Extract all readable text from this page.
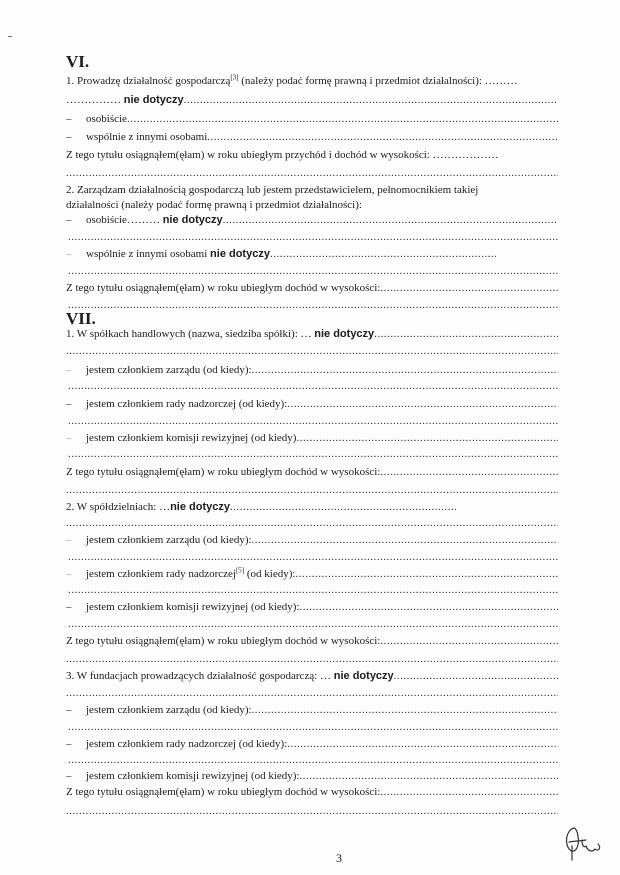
VI.
1. Prowadzę działalność gospodarczą[3] (należy podać formę prawną i przedmiot działalności): ………
…………… nie dotyczy
.....
– osobiście
.....
– wspólnie z innymi osobami
.....
Z tego tytułu osiągnąłem(ęłam) w roku ubiegłym przychód i dochód w wysokości: ………………
.....
2. Zarządzam działalnością gospodarczą lub jestem przedstawicielem, pełnomocnikiem takiej
działalności (należy podać formę prawną i przedmiot działalności):
– osobiście……… nie dotyczy
.....
.....
– wspólnie z innymi osobami nie dotyczy
.....
.....
Z tego tytułu osiągnąłem(ęłam) w roku ubiegłym dochód w wysokości:
.....
.....
VII.
1. W spółkach handlowych (nazwa, siedziba spółki): … nie dotyczy
.....
.....
– jestem członkiem zarządu (od kiedy):
.....
.....
– jestem członkiem rady nadzorczej (od kiedy):
.....
.....
– jestem członkiem komisji rewizyjnej (od kiedy)
.....
.....
Z tego tytułu osiągnąłem(ęłam) w roku ubiegłym dochód w wysokości:
.....
.....
2. W spółdzielniach: …nie dotyczy
.....
.....
– jestem członkiem zarządu (od kiedy):
.....
.....
– jestem członkiem rady nadzorczej[5] (od kiedy):
.....
.....
– jestem członkiem komisji rewizyjnej (od kiedy):
.....
.....
Z tego tytułu osiągnąłem(ęłam) w roku ubiegłym dochód w wysokości:
.....
.....
3. W fundacjach prowadzących działalność gospodarczą: … nie dotyczy
.....
.....
– jestem członkiem zarządu (od kiedy):
.....
.....
– jestem członkiem rady nadzorczej (od kiedy):
.....
.....
– jestem członkiem komisji rewizyjnej (od kiedy):
.....
Z tego tytułu osiągnąłem(ęłam) w roku ubiegłym dochód w wysokości:
.....
.....
3
